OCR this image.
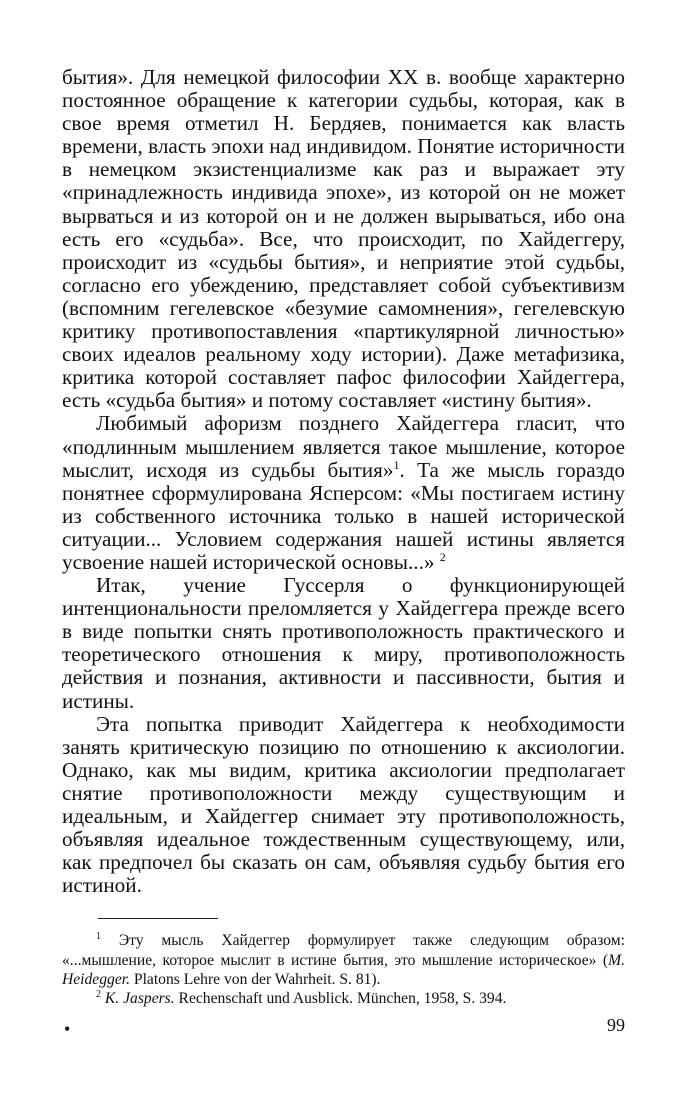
бытия». Для немецкой философии XX в. вообще характерно постоянное обращение к категории судьбы, которая, как в свое время отметил Н. Бердяев, понимается как власть времени, власть эпохи над индивидом. Понятие историчности в немецком экзистенциализме как раз и выражает эту «принадлежность индивида эпохе», из которой он не может вырваться и из которой он и не должен вырываться, ибо она есть его «судьба». Все, что происходит, по Хайдеггеру, происходит из «судьбы бытия», и неприятие этой судьбы, согласно его убеждению, представляет собой субъективизм (вспомним гегелевское «безумие самомнения», гегелевскую критику противопоставления «партикулярной личностью» своих идеалов реальному ходу истории). Даже метафизика, критика которой составляет пафос философии Хайдеггера, есть «судьба бытия» и потому составляет «истину бытия».

Любимый афоризм позднего Хайдеггера гласит, что «подлинным мышлением является такое мышление, которое мыслит, исходя из судьбы бытия»$^1$. Та же мысль гораздо понятнее сформулирована Ясперсом: «Мы постигаем истину из собственного источника только в нашей исторической ситуации... Условием содержания нашей истины является усвоение нашей исторической основы...» $^2$

Итак, учение Гуссерля о функционирующей интенциональности преломляется у Хайдеггера прежде всего в виде попытки снять противоположность практического и теоретического отношения к миру, противоположность действия и познания, активности и пассивности, бытия и истины.

Эта попытка приводит Хайдеггера к необходимости занять критическую позицию по отношению к аксиологии. Однако, как мы видим, критика аксиологии предполагает снятие противоположности между существующим и идеальным, и Хайдеггер снимает эту противоположность, объявляя идеальное тождественным существующему, или, как предпочел бы сказать он сам, объявляя судьбу бытия его истиной.

$^1$ Эту мысль Хайдеггер формулирует также следующим образом: «...мышление, которое мыслит в истине бытия, это мышление историческое» (M. Heidegger. Platons Lehre von der Wahrheit. S. 81).

$^2$ K. Jaspers. Rechenschaft und Ausblick. München, 1958, S. 394.

•	99
